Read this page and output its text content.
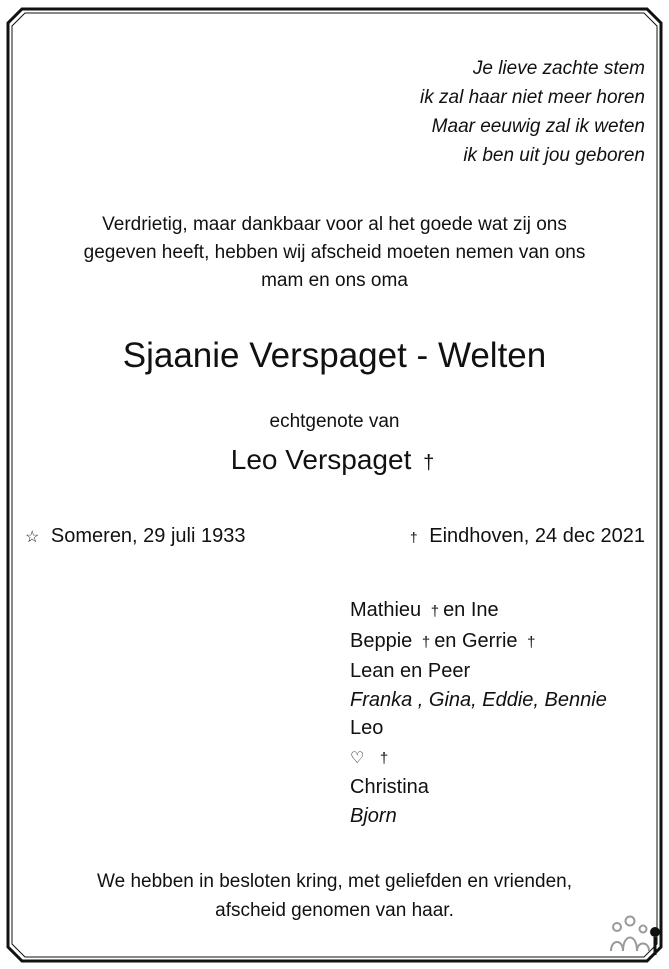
Je lieve zachte stem
ik zal haar niet meer horen
Maar eeuwig zal ik weten
ik ben uit jou geboren
Verdrietig, maar dankbaar voor al het goede wat zij ons
gegeven heeft, hebben wij afscheid moeten nemen van ons
mam en ons oma
Sjaanie Verspaget - Welten
echtgenote van
Leo Verspaget †
☆ Someren, 29 juli 1933	† Eindhoven, 24 dec 2021
Mathieu † en Ine
Beppie † en Gerrie †
Lean en Peer
Franka , Gina, Eddie, Bennie
Leo
♡ †
Christina
Bjorn
We hebben in besloten kring, met geliefden en vrienden,
afscheid genomen van haar.
